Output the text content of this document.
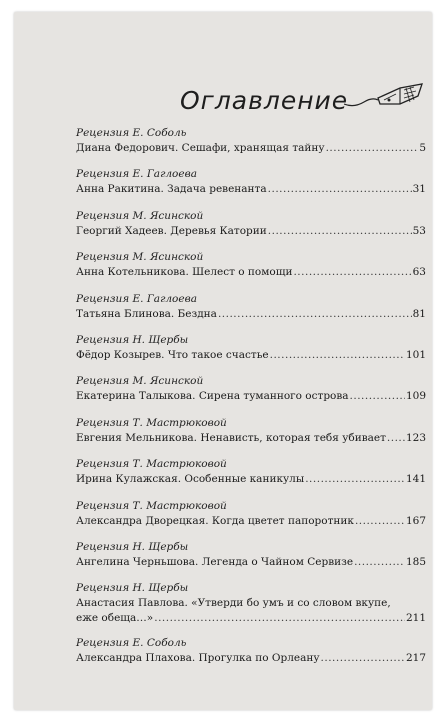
Оглавление
Рецензия Е. Соболь
Диана Федорович. Сешафи, хранящая тайну .....	5
Рецензия Е. Гаглоева
Анна Ракитина. Задача ревенанта .....	31
Рецензия М. Ясинской
Георгий Хадеев. Деревья Катории .....	53
Рецензия М. Ясинской
Анна Котельникова. Шелест о помощи .....	63
Рецензия Е. Гаглоева
Татьяна Блинова. Бездна .....	81
Рецензия Н. Щербы
Фёдор Козырев. Что такое счастье .....	101
Рецензия М. Ясинской
Екатерина Талыкова. Сирена туманного острова .....	109
Рецензия Т. Мастрюковой
Евгения Мельникова. Ненависть, которая тебя убивает ..... 123
Рецензия Т. Мастрюковой
Ирина Кулажская. Особенные каникулы .....	141
Рецензия Т. Мастрюковой
Александра Дворецкая. Когда цветет папоротник .....	167
Рецензия Н. Щербы
Ангелина Черньшова. Легенда о Чайном Сервизе .....	185
Рецензия Н. Щербы
Анастасия Павлова. «Утверди бо умъ и со словом вкупе,
еже обеща…» .....	211
Рецензия Е. Соболь
Александра Плахова. Прогулка по Орлеану .....	217
